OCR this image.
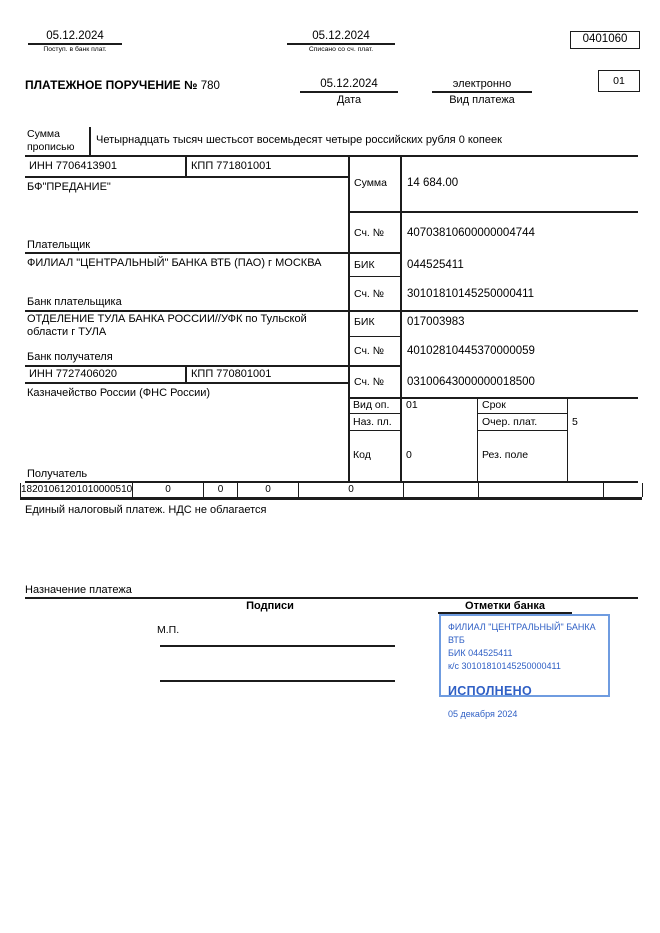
05.12.2024
Поступ. в банк плат.
05.12.2024
Списано со сч. плат.
0401060
ПЛАТЕЖНОЕ ПОРУЧЕНИЕ № 780	05.12.2024
Дата
электронно
Вид платежа
01
Сумма прописью
Четырнадцать тысяч шестьсот восемьдесят четыре российских рубля 0 копеек
ИНН 7706413901	КПП 771801001
БФ"ПРЕДАНИЕ"
Плательщик
ФИЛИАЛ "ЦЕНТРАЛЬНЫЙ" БАНКА ВТБ (ПАО) г МОСКВА
Банк плательщика
ОТДЕЛЕНИЕ ТУЛА БАНКА РОССИИ//УФК по Тульской области г ТУЛА
Банк получателя
ИНН 7727406020	КПП 770801001
Казначейство России (ФНС России)
Получатель
Сумма 14 684.00
Сч. № 40703810600000004744
БИК	044525411
Сч. № 30101810145250000411
БИК	017003983
Сч. № 40102810445370000059
Сч. № 03100643000000018500
Вид оп. 01
Наз. пл.
Код	0
Срок
Очер. плат.	5
Рез. поле
18201061201010000510	0	0	0	0
Единый налоговый платеж. НДС не облагается
Назначение платежа
Подписи	Отметки банка
М.П.	ФИЛИАЛ "ЦЕНТРАЛЬНЫЙ" БАНКА ВТБ
БИК 044525411
к/с 30101810145250000411
ИСПОЛНЕНО
05 декабря 2024
